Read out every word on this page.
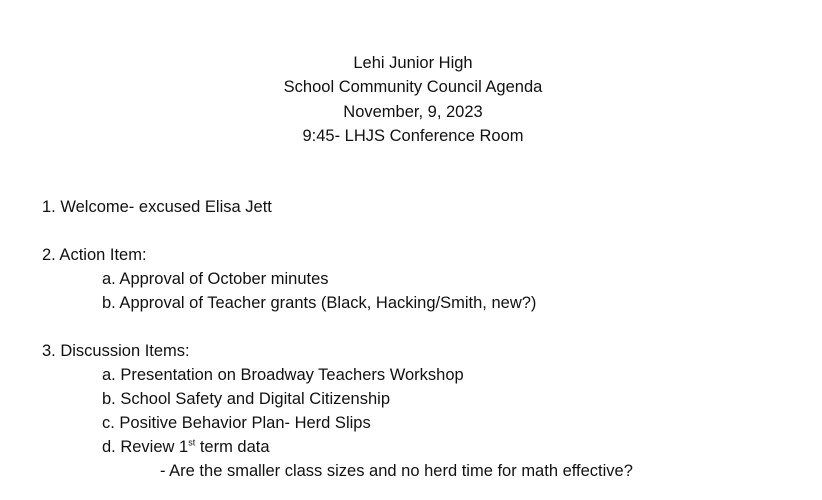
Lehi Junior High
School Community Council Agenda
November, 9, 2023
9:45- LHJS Conference Room
1. Welcome- excused Elisa Jett
2. Action Item:
a. Approval of October minutes
b. Approval of Teacher grants (Black, Hacking/Smith, new?)
3. Discussion Items:
a. Presentation on Broadway Teachers Workshop
b. School Safety and Digital Citizenship
c. Positive Behavior Plan- Herd Slips
d. Review 1st term data
- Are the smaller class sizes and no herd time for math effective?
